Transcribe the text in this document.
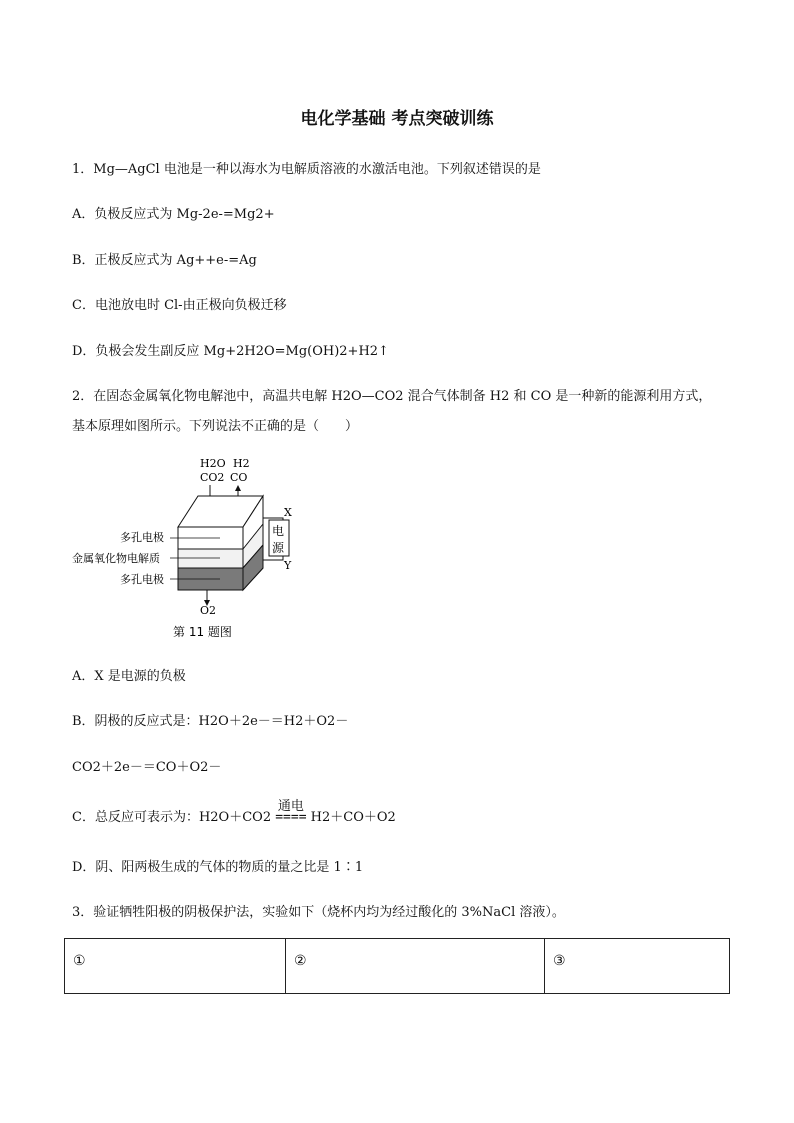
电化学基础 考点突破训练
1．Mg—AgCl 电池是一种以海水为电解质溶液的水激活电池。下列叙述错误的是
A．负极反应式为 Mg-2e-=Mg2+
B．正极反应式为 Ag++e-=Ag
C．电池放电时 Cl-由正极向负极迁移
D．负极会发生副反应 Mg+2H2O=Mg(OH)2+H2↑
2．在固态金属氧化物电解池中，高温共电解 H2O—CO2 混合气体制备 H2 和 CO 是一种新的能源利用方式，
基本原理如图所示。下列说法不正确的是（　　）
H2O
CO2
H2
CO
多孔电极
金属氧化物电解质
多孔电极
电
源
X
Y
O2
第 11 题图
A．X 是电源的负极
B．阴极的反应式是：H2O＋2e－＝H2＋O2－
CO2＋2e－＝CO＋O2－
C．总反应可表示为：H2O＋CO2
通电
==== H2＋CO＋O2
D．阴、阳两极生成的气体的物质的量之比是 1∶1
3．验证牺牲阳极的阴极保护法，实验如下（烧杯内均为经过酸化的 3%NaCl 溶液）。
①	②	③
